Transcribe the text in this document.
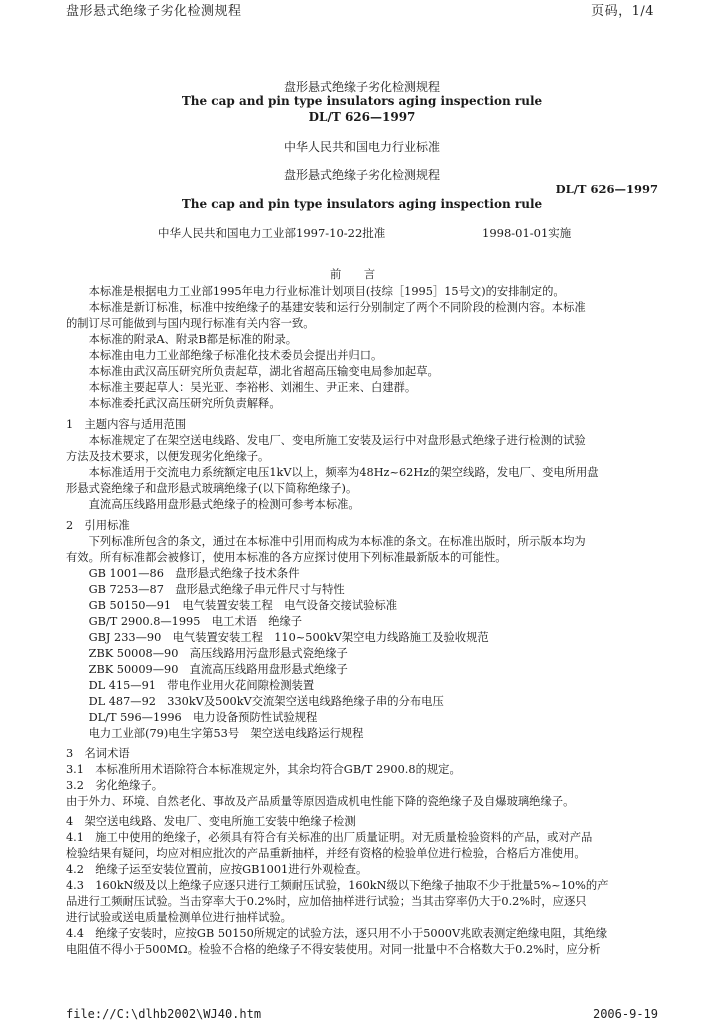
盘形悬式绝缘子劣化检测规程	页码，1/4
盘形悬式绝缘子劣化检测规程
The cap and pin type insulators aging inspection rule
DL/T 626—1997
中华人民共和国电力行业标准
盘形悬式绝缘子劣化检测规程
DL/T 626—1997
The cap and pin type insulators aging inspection rule
中华人民共和国电力工业部1997-10-22批准	1998-01-01实施
前　　言
　　本标准是根据电力工业部1995年电力行业标准计划项目(技综［1995］15号文)的安排制定的。
　　本标准是新订标准，标准中按绝缘子的基建安装和运行分别制定了两个不同阶段的检测内容。本标准
的制订尽可能做到与国内现行标准有关内容一致。
　　本标准的附录A、附录B都是标准的附录。
　　本标准由电力工业部绝缘子标准化技术委员会提出并归口。
　　本标准由武汉高压研究所负责起草，湖北省超高压输变电局参加起草。
　　本标准主要起草人：吴光亚、李裕彬、刘湘生、尹正来、白建群。
　　本标准委托武汉高压研究所负责解释。
1　主题内容与适用范围
　　本标准规定了在架空送电线路、发电厂、变电所施工安装及运行中对盘形悬式绝缘子进行检测的试验
方法及技术要求，以便发现劣化绝缘子。
　　本标准适用于交流电力系统额定电压1kV以上，频率为48Hz~62Hz的架空线路，发电厂、变电所用盘
形悬式瓷绝缘子和盘形悬式玻璃绝缘子(以下简称绝缘子)。
　　直流高压线路用盘形悬式绝缘子的检测可参考本标准。
2　引用标准
　　下列标准所包含的条文，通过在本标准中引用而构成为本标准的条文。在标准出版时，所示版本均为
有效。所有标准都会被修订，使用本标准的各方应探讨使用下列标准最新版本的可能性。
　　GB 1001—86　盘形悬式绝缘子技术条件
　　GB 7253—87　盘形悬式绝缘子串元件尺寸与特性
　　GB 50150—91　电气装置安装工程　电气设备交接试验标准
　　GB/T 2900.8—1995　电工术语　绝缘子
　　GBJ 233—90　电气装置安装工程　110~500kV架空电力线路施工及验收规范
　　ZBK 50008—90　高压线路用污盘形悬式瓷绝缘子
　　ZBK 50009—90　直流高压线路用盘形悬式绝缘子
　　DL 415—91　带电作业用火花间隙检测装置
　　DL 487—92　330kV及500kV交流架空送电线路绝缘子串的分布电压
　　DL/T 596—1996　电力设备预防性试验规程
　　电力工业部(79)电生字第53号　架空送电线路运行规程
3　名词术语
3.1　本标准所用术语除符合本标准规定外，其余均符合GB/T 2900.8的规定。
3.2　劣化绝缘子。
由于外力、环境、自然老化、事故及产品质量等原因造成机电性能下降的瓷绝缘子及自爆玻璃绝缘子。
4　架空送电线路、发电厂、变电所施工安装中绝缘子检测
4.1　施工中使用的绝缘子，必须具有符合有关标准的出厂质量证明。对无质量检验资料的产品，或对产品
检验结果有疑问，均应对相应批次的产品重新抽样，并经有资格的检验单位进行检验，合格后方准使用。
4.2　绝缘子运至安装位置前，应按GB1001进行外观检查。
4.3　160kN级及以上绝缘子应逐只进行工频耐压试验，160kN级以下绝缘子抽取不少于批量5%~10%的产
品进行工频耐压试验。当击穿率大于0.2%时，应加倍抽样进行试验；当其击穿率仍大于0.2%时，应逐只
进行试验或送电质量检测单位进行抽样试验。
4.4　绝缘子安装时，应按GB 50150所规定的试验方法，逐只用不小于5000V兆欧表测定绝缘电阻，其绝缘
电阻值不得小于500MΩ。检验不合格的绝缘子不得安装使用。对同一批量中不合格数大于0.2%时，应分析
file://C:\dlhb2002\WJ40.htm	2006-9-19
